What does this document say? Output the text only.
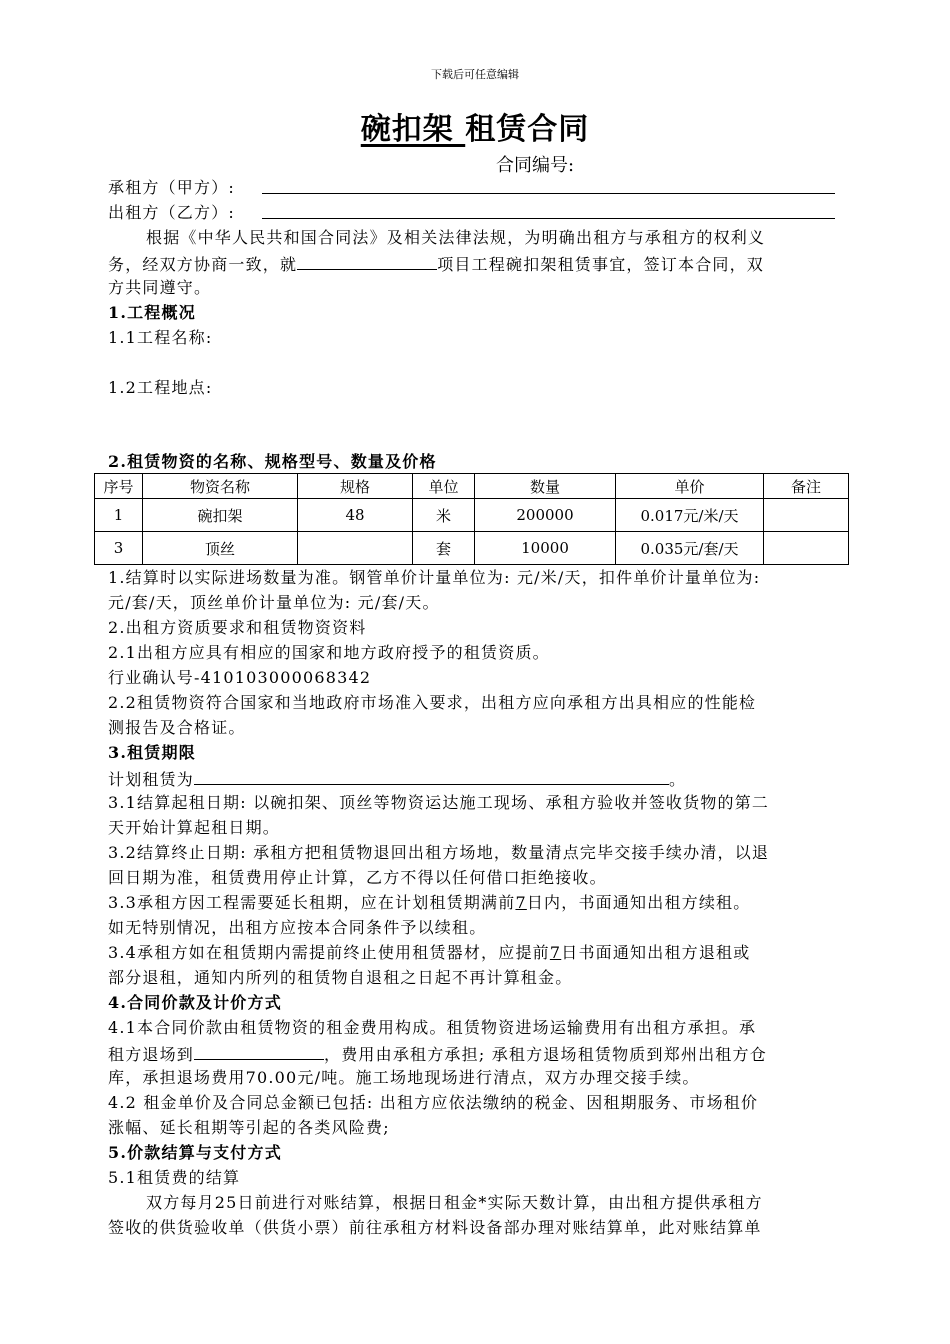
下载后可任意编辑
碗扣架 租赁合同
合同编号:
承租方（甲方）:
出租方（乙方）:
根据《中华人民共和国合同法》及相关法律法规，为明确出租方与承租方的权利义
务，经双方协商一致，就	项目工程碗扣架租赁事宜，签订本合同，双
方共同遵守。
1.工程概况
1.1工程名称:
1.2工程地点:
2.租赁物资的名称、规格型号、数量及价格
序号	物资名称	规格	单位	数量	单价	备注
1	碗扣架	48	米	200000	0.017元/米/天	
3	顶丝		套	10000	0.035元/套/天	
1.结算时以实际进场数量为准。钢管单价计量单位为: 元/米/天，扣件单价计量单位为:
元/套/天，顶丝单价计量单位为: 元/套/天。
2.出租方资质要求和租赁物资资料
2.1出租方应具有相应的国家和地方政府授予的租赁资质。
行业确认号-410103000068342
2.2租赁物资符合国家和当地政府市场准入要求，出租方应向承租方出具相应的性能检
测报告及合格证。
3.租赁期限
计划租赁为	。
3.1结算起租日期: 以碗扣架、顶丝等物资运达施工现场、承租方验收并签收货物的第二
天开始计算起租日期。
3.2结算终止日期: 承租方把租赁物退回出租方场地，数量清点完毕交接手续办清，以退
回日期为准，租赁费用停止计算，乙方不得以任何借口拒绝接收。
3.3承租方因工程需要延长租期，应在计划租赁期满前7日内，书面通知出租方续租。
如无特别情况，出租方应按本合同条件予以续租。
3.4承租方如在租赁期内需提前终止使用租赁器材，应提前7日书面通知出租方退租或
部分退租，通知内所列的租赁物自退租之日起不再计算租金。
4.合同价款及计价方式
4.1本合同价款由租赁物资的租金费用构成。租赁物资进场运输费用有出租方承担。承
租方退场到	，费用由承租方承担; 承租方退场租赁物质到郑州出租方仓
库，承担退场费用70.00元/吨。施工场地现场进行清点，双方办理交接手续。
4.2 租金单价及合同总金额已包括: 出租方应依法缴纳的税金、因租期服务、市场租价
涨幅、延长租期等引起的各类风险费;
5.价款结算与支付方式
5.1租赁费的结算
双方每月25日前进行对账结算，根据日租金*实际天数计算，由出租方提供承租方
签收的供货验收单（供货小票）前往承租方材料设备部办理对账结算单，此对账结算单
